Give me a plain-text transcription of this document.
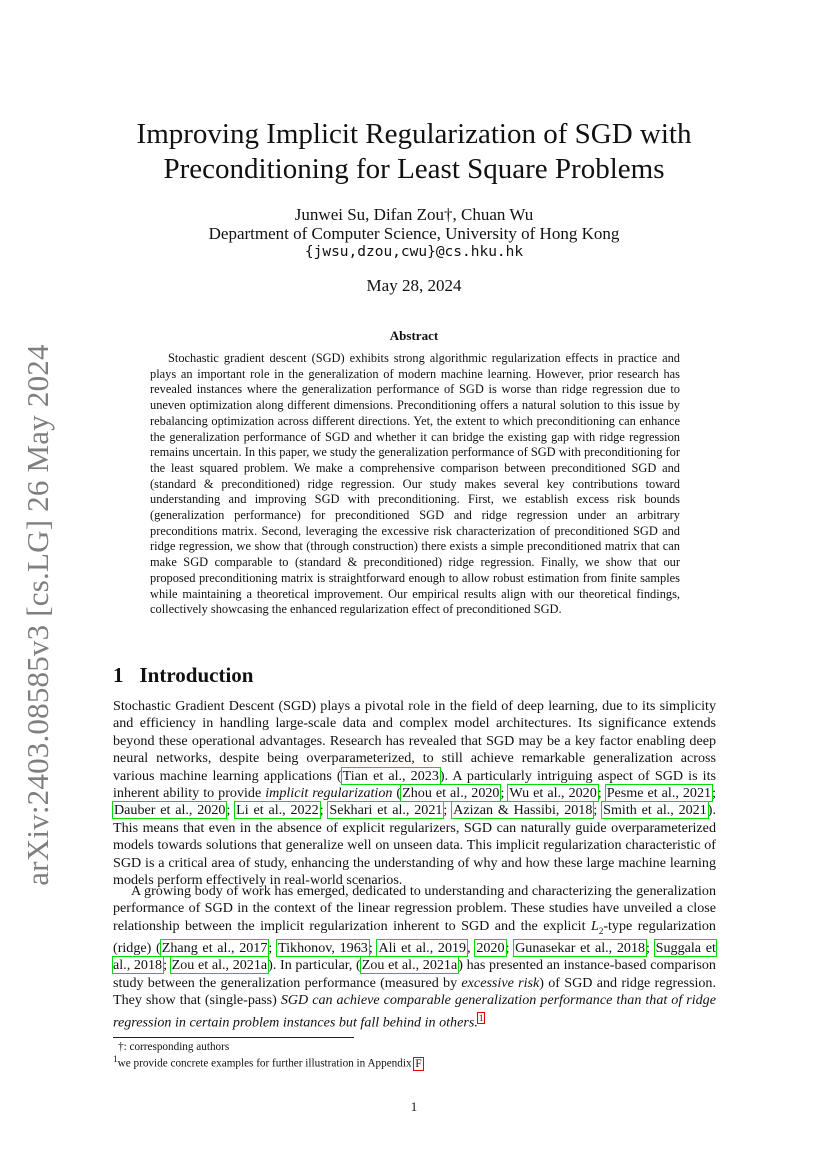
arXiv:2403.08585v3 [cs.LG] 26 May 2024
Improving Implicit Regularization of SGD with
Preconditioning for Least Square Problems
Junwei Su, Difan Zou†, Chuan Wu
Department of Computer Science, University of Hong Kong
{jwsu,dzou,cwu}@cs.hku.hk
May 28, 2024
Abstract

Stochastic gradient descent (SGD) exhibits strong algorithmic regularization effects in practice and plays an important role in the generalization of modern machine learning. However, prior research has revealed instances where the generalization performance of SGD is worse than ridge regression due to uneven optimization along different dimensions. Preconditioning offers a natural solution to this issue by rebalancing optimization across different directions. Yet, the extent to which preconditioning can enhance the generalization performance of SGD and whether it can bridge the existing gap with ridge regression remains uncertain. In this paper, we study the generalization performance of SGD with preconditioning for the least squared problem. We make a comprehensive comparison between preconditioned SGD and (standard & preconditioned) ridge regression. Our study makes several key contributions toward understanding and improving SGD with preconditioning. First, we establish excess risk bounds (generalization performance) for preconditioned SGD and ridge regression under an arbitrary preconditions matrix. Second, leveraging the excessive risk characterization of preconditioned SGD and ridge regression, we show that (through construction) there exists a simple preconditioned matrix that can make SGD comparable to (standard & preconditioned) ridge regression. Finally, we show that our proposed preconditioning matrix is straightforward enough to allow robust estimation from finite samples while maintaining a theoretical improvement. Our empirical results align with our theoretical findings, collectively showcasing the enhanced regularization effect of preconditioned SGD.

1 Introduction

Stochastic Gradient Descent (SGD) plays a pivotal role in the field of deep learning, due to its simplicity and efficiency in handling large-scale data and complex model architectures. Its significance extends beyond these operational advantages. Research has revealed that SGD may be a key factor enabling deep neural networks, despite being overparameterized, to still achieve remarkable generalization across various machine learning applications (Tian et al., 2023). A particularly intriguing aspect of SGD is its inherent ability to provide implicit regularization (Zhou et al., 2020; Wu et al., 2020; Pesme et al., 2021; Dauber et al., 2020; Li et al., 2022; Sekhari et al., 2021; Azizan & Hassibi, 2018; Smith et al., 2021). This means that even in the absence of explicit regularizers, SGD can naturally guide overparameterized models towards solutions that generalize well on unseen data. This implicit regularization characteristic of SGD is a critical area of study, enhancing the understanding of why and how these large machine learning models perform effectively in real-world scenarios.

A growing body of work has emerged, dedicated to understanding and characterizing the generalization performance of SGD in the context of the linear regression problem. These studies have unveiled a close relationship between the implicit regularization inherent to SGD and the explicit $L_2$-type regularization (ridge) (Zhang et al., 2017; Tikhonov, 1963; Ali et al., 2019, 2020; Gunasekar et al., 2018; Suggala et al., 2018; Zou et al., 2021a). In particular, (Zou et al., 2021a) has presented an instance-based comparison study between the generalization performance (measured by excessive risk) of SGD and ridge regression. They show that (single-pass) SGD can achieve comparable generalization performance than that of ridge regression in certain problem instances but fall behind in others.$^1$

†: corresponding authors
$^1$we provide concrete examples for further illustration in Appendix F
1
